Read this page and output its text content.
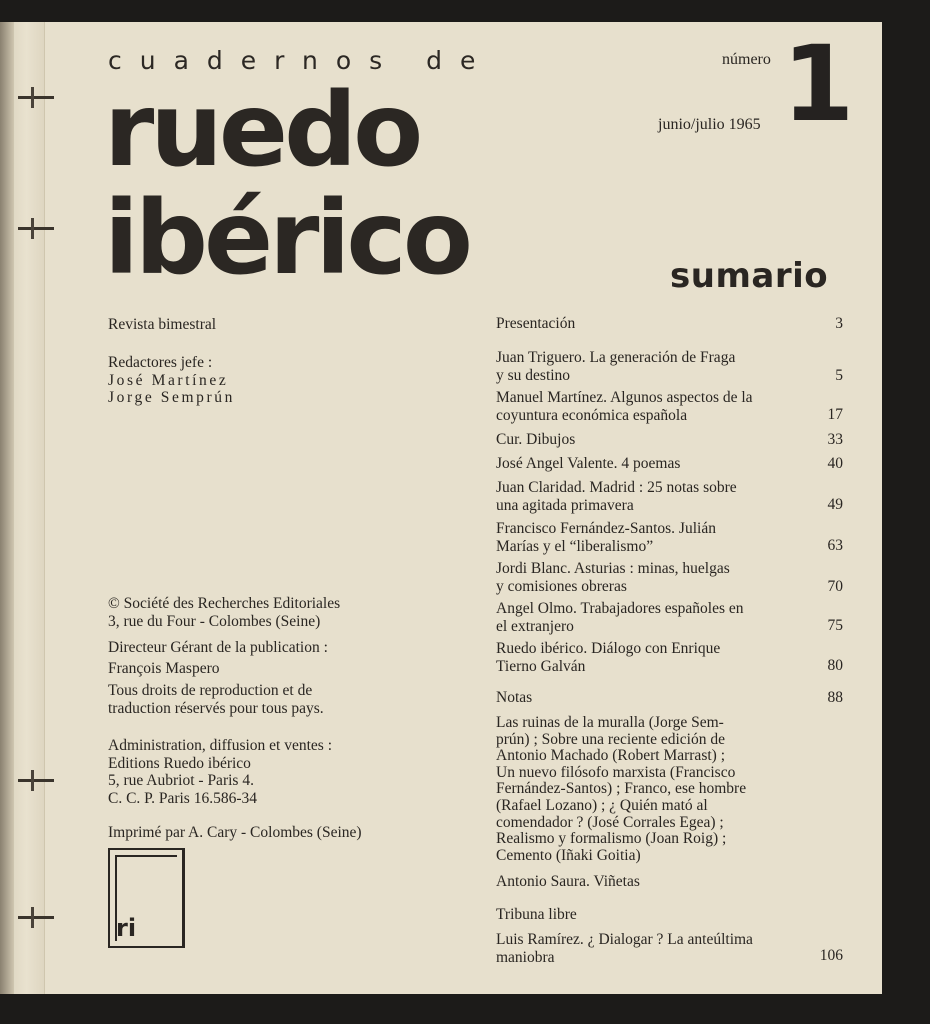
cuadernos de
ruedo
ibérico
número 1
junio/julio 1965
sumario
Revista bimestral

Redactores jefe :

José Martínez

Jorge Semprún

© Société des Recherches Editoriales

3, rue du Four - Colombes (Seine)

Directeur Gérant de la publication :

François Maspero

Tous droits de reproduction et de

traduction réservés pour tous pays.

Administration, diffusion et ventes :

Editions Ruedo ibérico

5, rue Aubriot - Paris 4.

C. C. P. Paris 16.586-34

Imprimé par A. Cary - Colombes (Seine)
ri
Presentación	3
Juan Triguero. La generación de Fraga
y su destino	5
Manuel Martínez. Algunos aspectos de la
coyuntura económica española	17
Cur. Dibujos	33
José Angel Valente. 4 poemas	40
Juan Claridad. Madrid : 25 notas sobre
una agitada primavera	49
Francisco Fernández-Santos. Julián
Marías y el “liberalismo”	63
Jordi Blanc. Asturias : minas, huelgas
y comisiones obreras	70
Angel Olmo. Trabajadores españoles en
el extranjero	75
Ruedo ibérico. Diálogo con Enrique
Tierno Galván	80
Notas	88
Las ruinas de la muralla (Jorge Sem-
prún) ; Sobre una reciente edición de
Antonio Machado (Robert Marrast) ;
Un nuevo filósofo marxista (Francisco
Fernández-Santos) ; Franco, ese hombre
(Rafael Lozano) ; ¿ Quién mató al
comendador ? (José Corrales Egea) ;
Realismo y formalismo (Joan Roig) ;
Cemento (Iñaki Goitia)
Antonio Saura. Viñetas
Tribuna libre
Luis Ramírez. ¿ Dialogar ? La anteúltima
maniobra	106
